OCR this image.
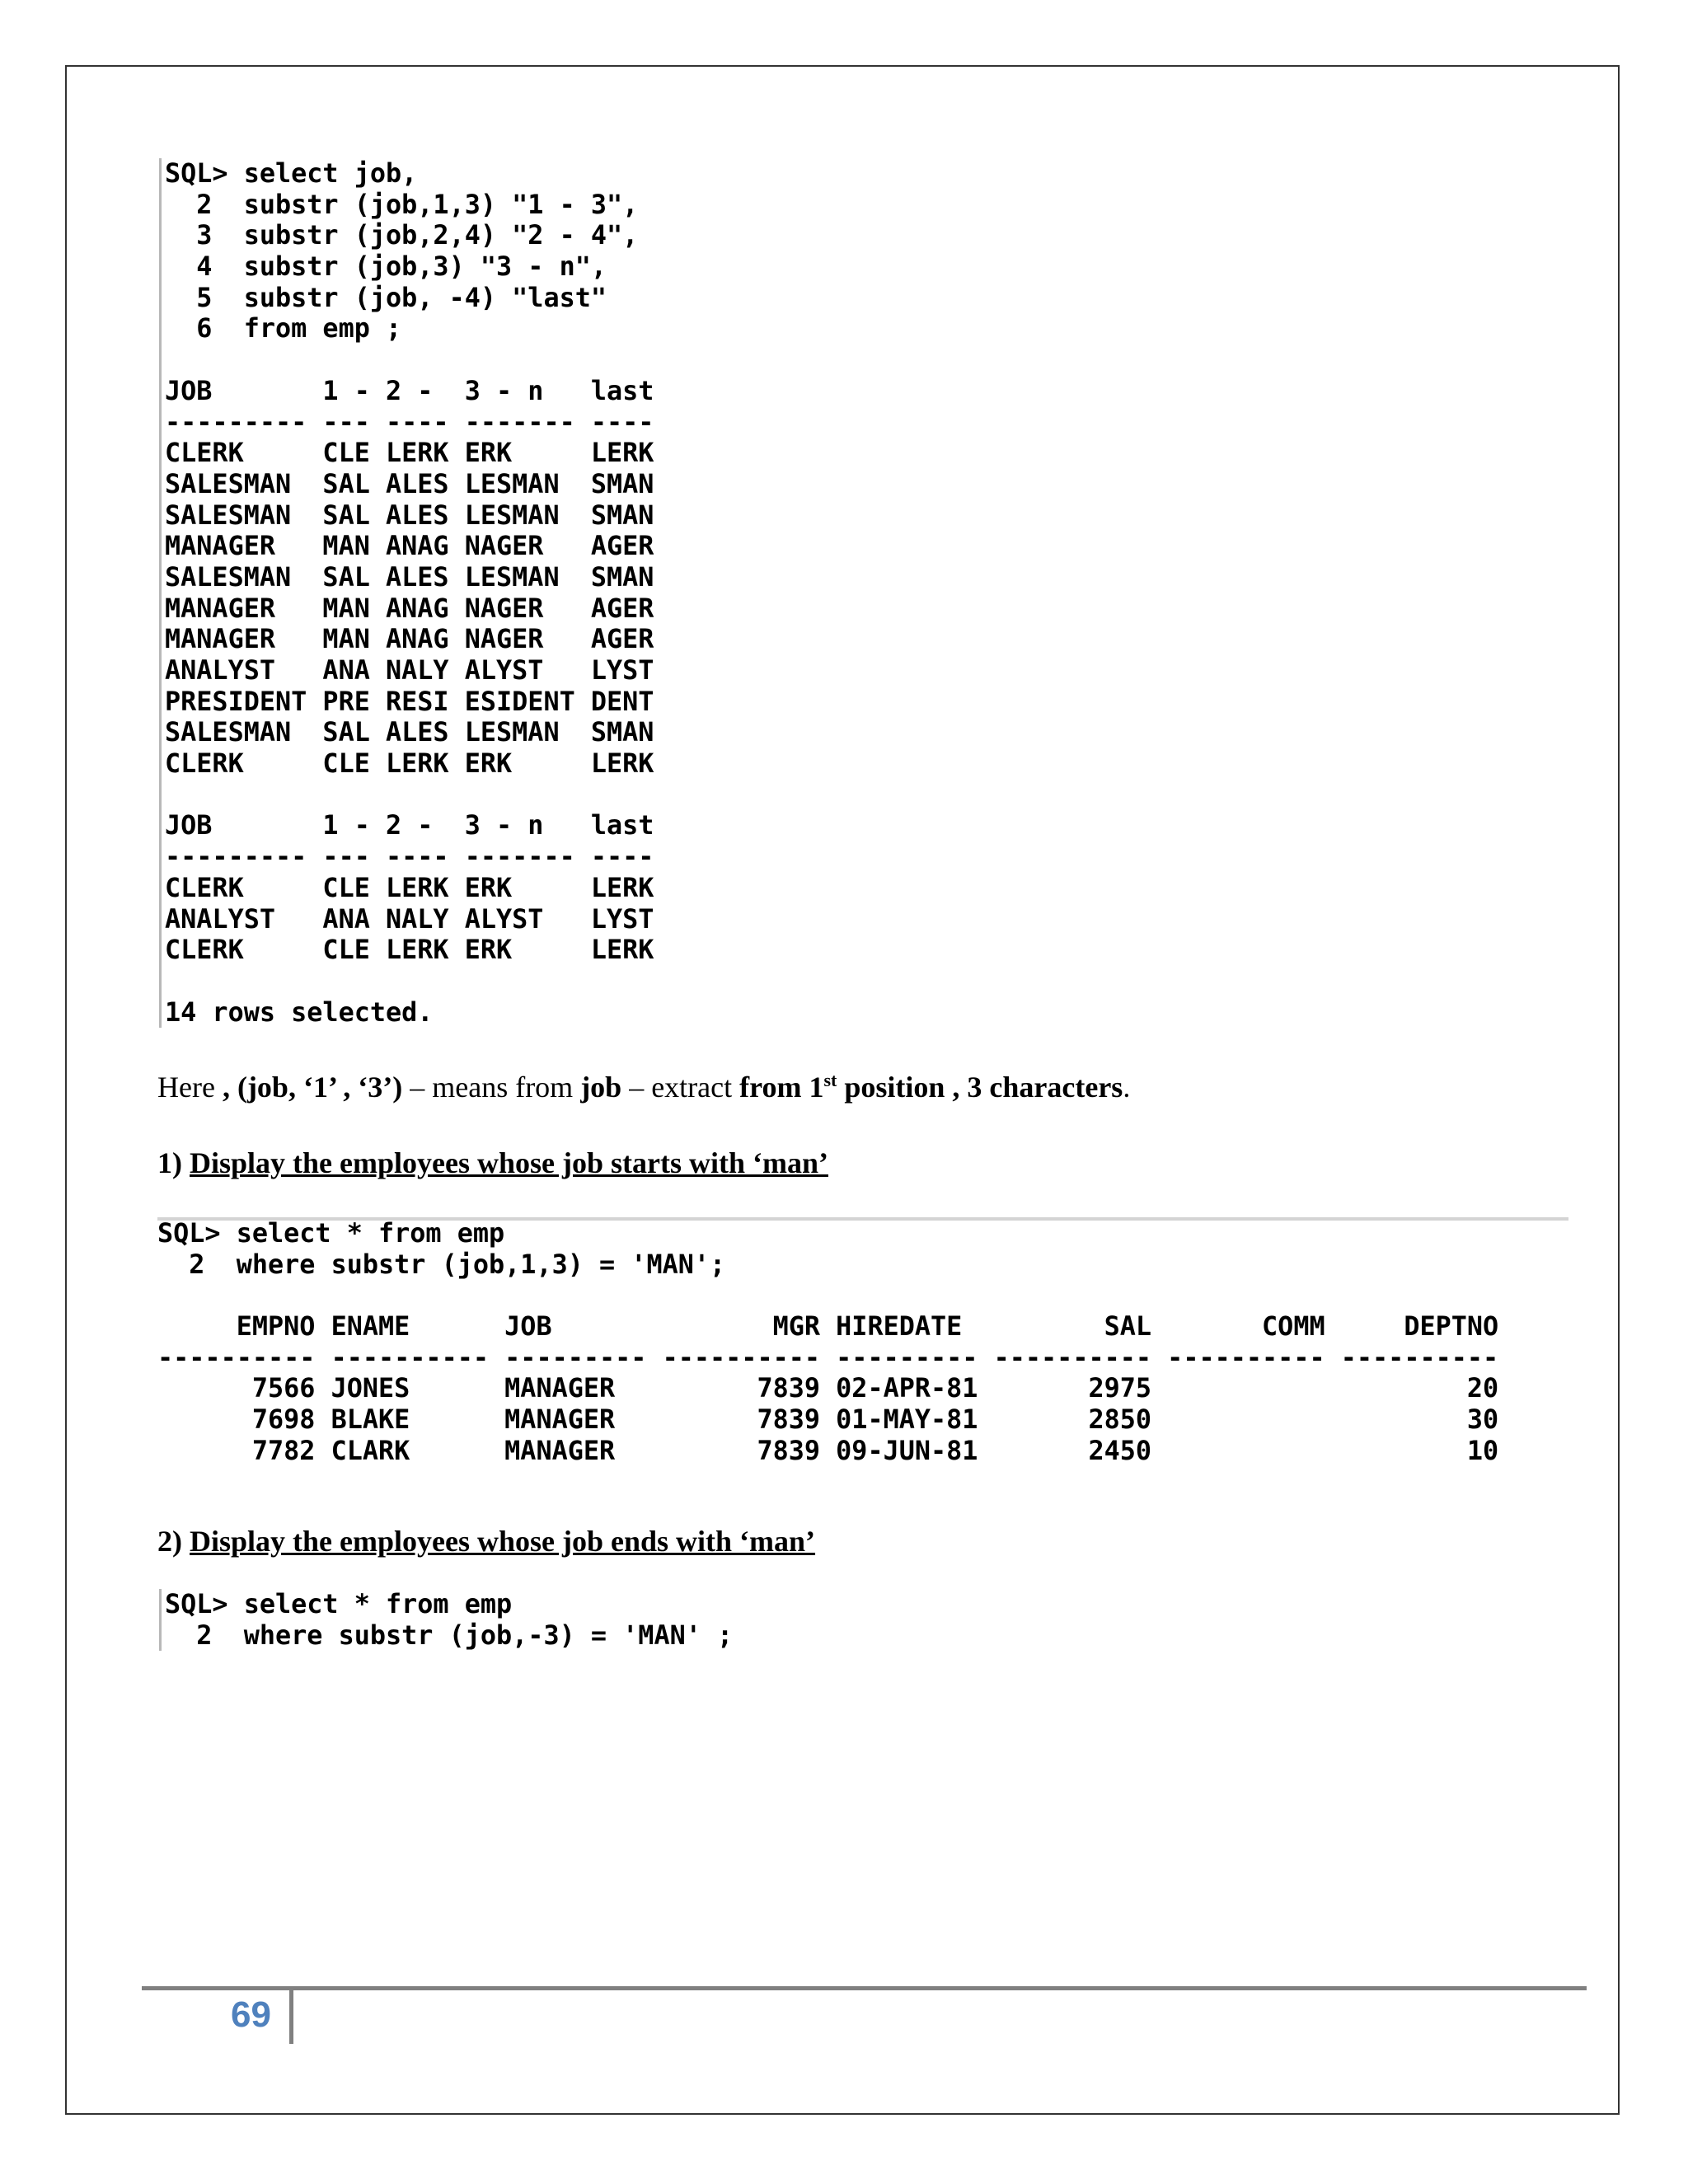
SQL> select job,
2  substr (job,1,3) "1 - 3",
3  substr (job,2,4) "2 - 4",
4  substr (job,3) "3 - n",
5  substr (job, -4) "last"
6  from emp ;
JOB       1 - 2 -  3 - n   last
--------- --- ---- ------- ----
CLERK     CLE LERK ERK     LERK
SALESMAN  SAL ALES LESMAN  SMAN
SALESMAN  SAL ALES LESMAN  SMAN
MANAGER   MAN ANAG NAGER   AGER
SALESMAN  SAL ALES LESMAN  SMAN
MANAGER   MAN ANAG NAGER   AGER
MANAGER   MAN ANAG NAGER   AGER
ANALYST   ANA NALY ALYST   LYST
PRESIDENT PRE RESI ESIDENT DENT
SALESMAN  SAL ALES LESMAN  SMAN
CLERK     CLE LERK ERK     LERK
JOB       1 - 2 -  3 - n   last
--------- --- ---- ------- ----
CLERK     CLE LERK ERK     LERK
ANALYST   ANA NALY ALYST   LYST
CLERK     CLE LERK ERK     LERK
14 rows selected.

Here , (job, ‘1’ , ‘3’) – means from job – extract from 1st position , 3 characters.

1) Display the employees whose job starts with ‘man’

SQL> select * from emp
2  where substr (job,1,3) = 'MAN';
EMPNO ENAME      JOB              MGR HIREDATE         SAL       COMM     DEPTNO
---------- ---------- --------- ---------- --------- ---------- ---------- ----------
7566 JONES      MANAGER         7839 02-APR-81       2975                    20
7698 BLAKE      MANAGER         7839 01-MAY-81       2850                    30
7782 CLARK      MANAGER         7839 09-JUN-81       2450                    10

2) Display the employees whose job ends with ‘man’

SQL> select * from emp
2  where substr (job,-3) = 'MAN' ;
69
